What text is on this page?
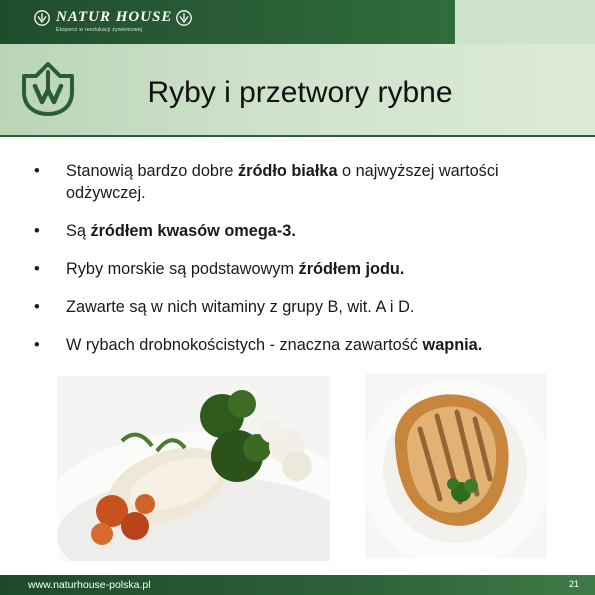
NATUR HOUSE
Eksperci w reedukacji żywieniowej
Ryby i przetwory rybne
• Stanowią bardzo dobre źródło białka o najwyższej wartości odżywczej.
• Są źródłem kwasów omega-3.
• Ryby morskie są podstawowym źródłem jodu.
• Zawarte są w nich witaminy z grupy B, wit. A i D.
• W rybach drobnokościstych - znaczna zawartość wapnia.
www.naturhouse-polska.pl	21
